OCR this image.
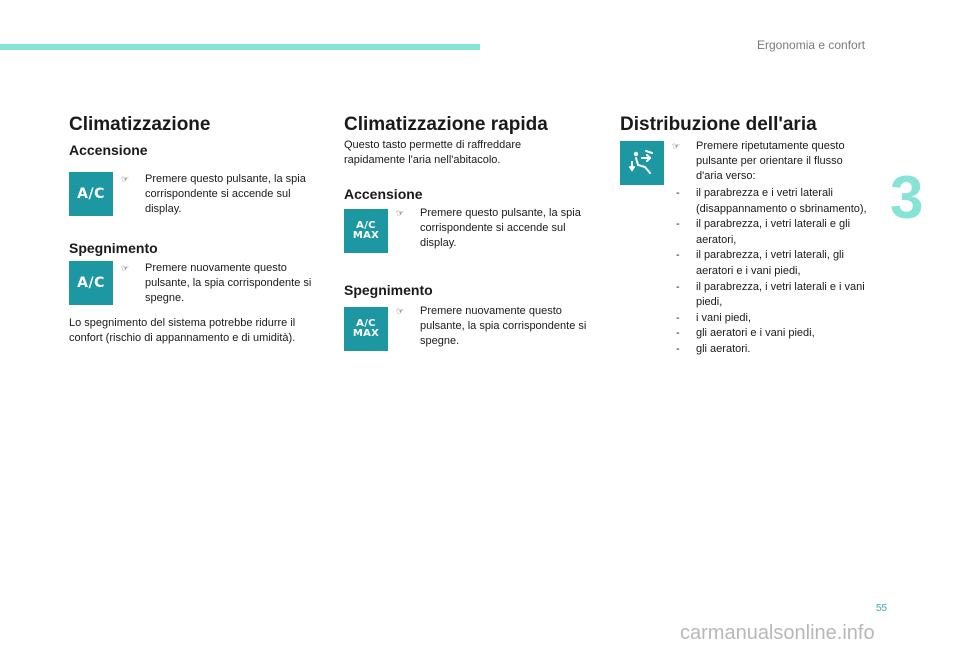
Ergonomia e confort
3
Climatizzazione
Accensione
A/C
☞ Premere questo pulsante, la spia corrispondente si accende sul display.
Spegnimento
A/C
☞ Premere nuovamente questo pulsante, la spia corrispondente si spegne.
Lo spegnimento del sistema potrebbe ridurre il confort (rischio di appannamento e di umidità).
Climatizzazione rapida
Questo tasto permette di raffreddare rapidamente l'aria nell'abitacolo.
Accensione
A/C
MAX
☞ Premere questo pulsante, la spia corrispondente si accende sul display.
Spegnimento
A/C
MAX
☞ Premere nuovamente questo pulsante, la spia corrispondente si spegne.
Distribuzione dell'aria
☞ Premere ripetutamente questo pulsante per orientare il flusso d'aria verso:
- il parabrezza e i vetri laterali (disappannamento o sbrinamento),
- il parabrezza, i vetri laterali e gli aeratori,
- il parabrezza, i vetri laterali, gli aeratori e i vani piedi,
- il parabrezza, i vetri laterali e i vani piedi,
- i vani piedi,
- gli aeratori e i vani piedi,
- gli aeratori.
55
carmanualsonline.info
